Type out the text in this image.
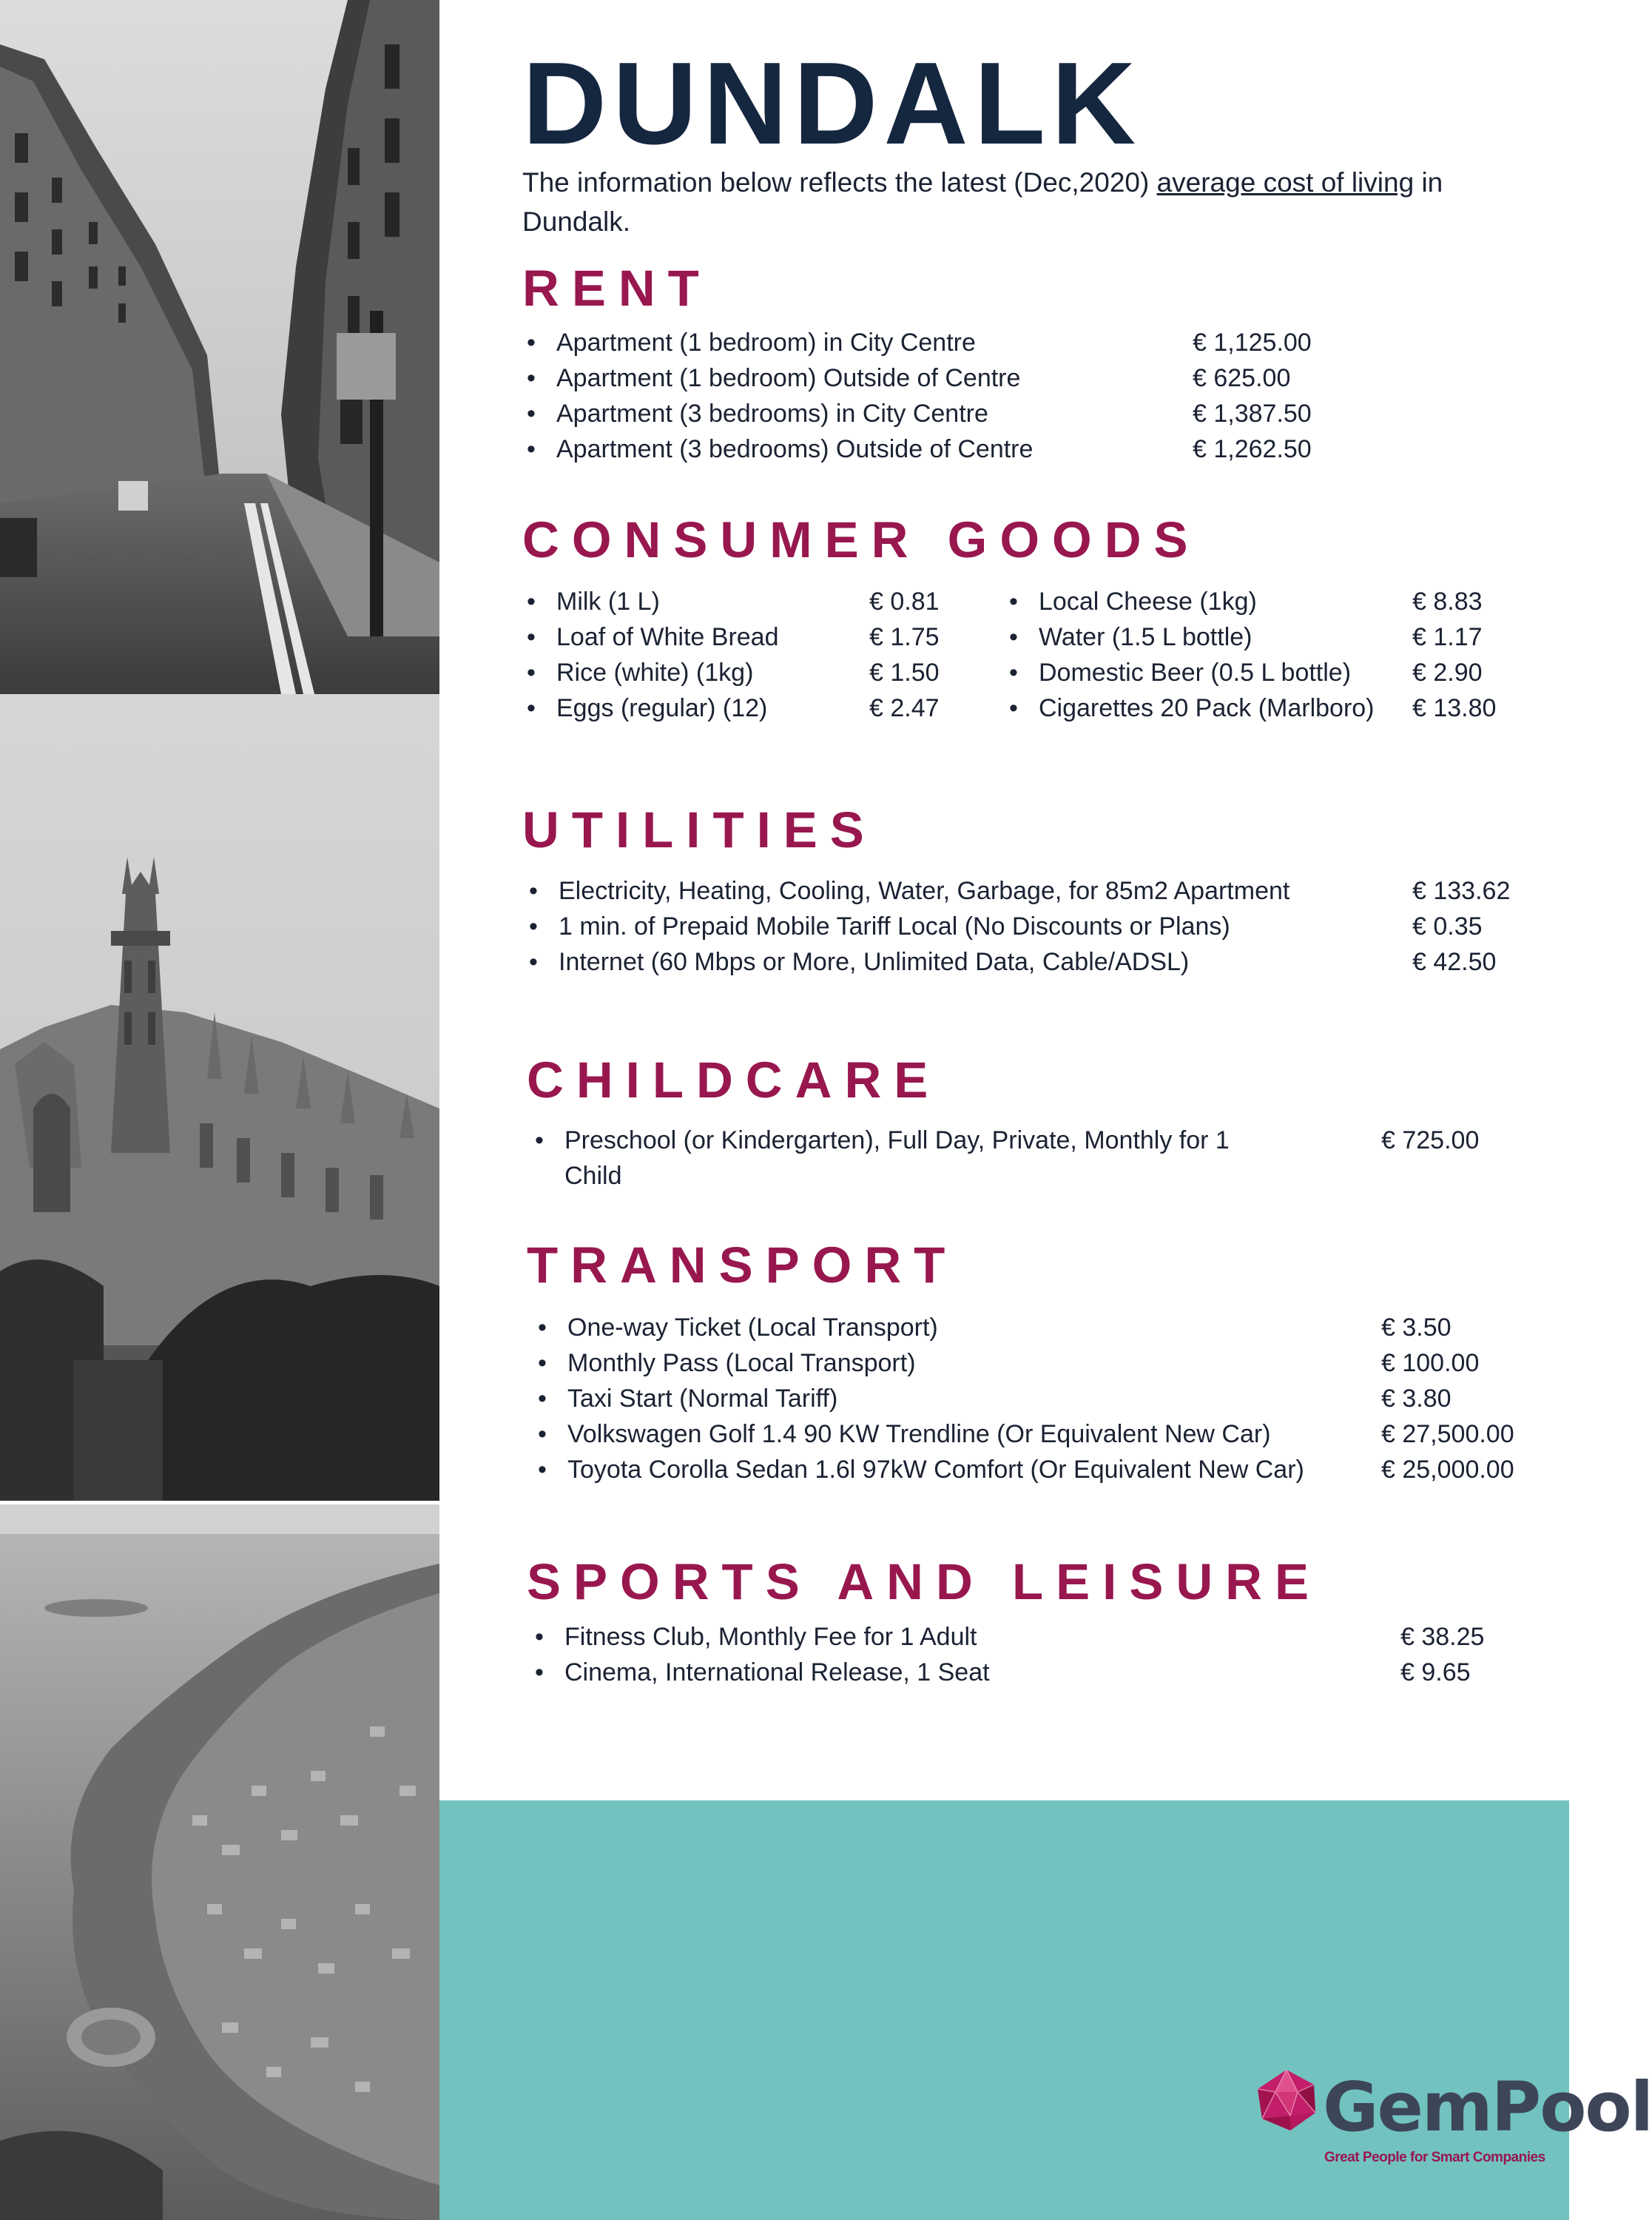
DUNDALK

The information below reflects the latest (Dec,2020) average cost of living in Dundalk.

RENT
• Apartment (1 bedroom) in City Centre	€ 1,125.00
• Apartment (1 bedroom) Outside of Centre	€ 625.00
• Apartment (3 bedrooms) in City Centre	€ 1,387.50
• Apartment (3 bedrooms) Outside of Centre	€ 1,262.50
CONSUMER GOODS
• Milk (1 L)	€ 0.81
• Loaf of White Bread	€ 1.75
• Rice (white) (1kg)	€ 1.50
• Eggs (regular) (12)	€ 2.47
• Local Cheese (1kg)	€ 8.83
• Water (1.5 L bottle)	€ 1.17
• Domestic Beer (0.5 L bottle) € 2.90
• Cigarettes 20 Pack (Marlboro) € 13.80
UTILITIES
• Electricity, Heating, Cooling, Water, Garbage, for 85m2 Apartment	€ 133.62
• 1 min. of Prepaid Mobile Tariff Local (No Discounts or Plans)	€ 0.35
• Internet (60 Mbps or More, Unlimited Data, Cable/ADSL)	€ 42.50
CHILDCARE
• Preschool (or Kindergarten), Full Day, Private, Monthly for 1 Child
€ 725.00
TRANSPORT
• One-way Ticket (Local Transport)	€ 3.50
• Monthly Pass (Local Transport)	€ 100.00
• Taxi Start (Normal Tariff)	€ 3.80
• Volkswagen Golf 1.4 90 KW Trendline (Or Equivalent New Car)	€ 27,500.00
• Toyota Corolla Sedan 1.6l 97kW Comfort (Or Equivalent New Car)	€ 25,000.00
SPORTS AND LEISURE
• Fitness Club, Monthly Fee for 1 Adult	€ 38.25
• Cinema, International Release, 1 Seat	€ 9.65
GemPool
Great People for Smart Companies
